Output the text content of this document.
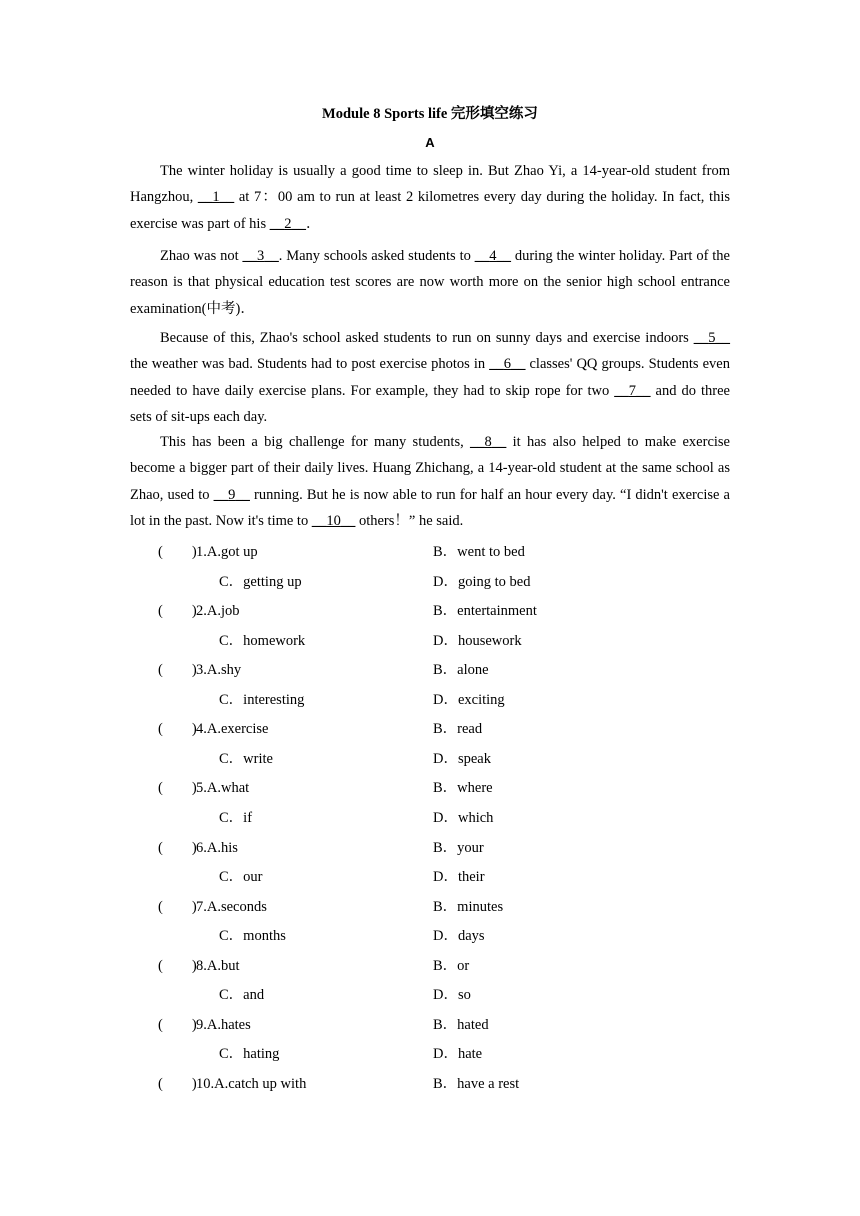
Module 8 Sports life 完形填空练习
A

The winter holiday is usually a good time to sleep in. But Zhao Yi, a 14-year-old student from Hangzhou, __1__ at 7：00 am to run at least 2 kilometres every day during the holiday. In fact, this exercise was part of his __2__．

Zhao was not __3__. Many schools asked students to __4__ during the winter holiday. Part of the reason is that physical education test scores are now worth more on the senior high school entrance examination(中考)．

Because of this, Zhao's school asked students to run on sunny days and exercise indoors __5__ the weather was bad. Students had to post exercise photos in __6__ classes' QQ groups. Students even needed to have daily exercise plans. For example, they had to skip rope for two __7__ and do three sets of sit-ups each day.

This has been a big challenge for many students, __8__ it has also helped to make exercise become a bigger part of their daily lives. Huang Zhichang, a 14-year-old student at the same school as Zhao, used to __9__ running. But he is now able to run for half an hour every day. “I didn't exercise a lot in the past. Now it's time to __10__ others！” he said.

(　　) 1.A.got up	B．went to bed
C．getting up	D．going to bed
(　　) 2.A.job	B．entertainment
C．homework	D．housework
(　　) 3.A.shy	B．alone
C．interesting	D．exciting
(　　) 4.A.exercise	B．read
C．write	D．speak
(　　) 5.A.what	B．where
C．if	D．which
(　　) 6.A.his	B．your
C．our	D．their
(　　) 7.A.seconds	B．minutes
C．months	D．days
(　　) 8.A.but	B．or
C．and	D．so
(　　) 9.A.hates	B．hated
C．hating	D．hate
(　　) 10.A.catch up with	B．have a rest
